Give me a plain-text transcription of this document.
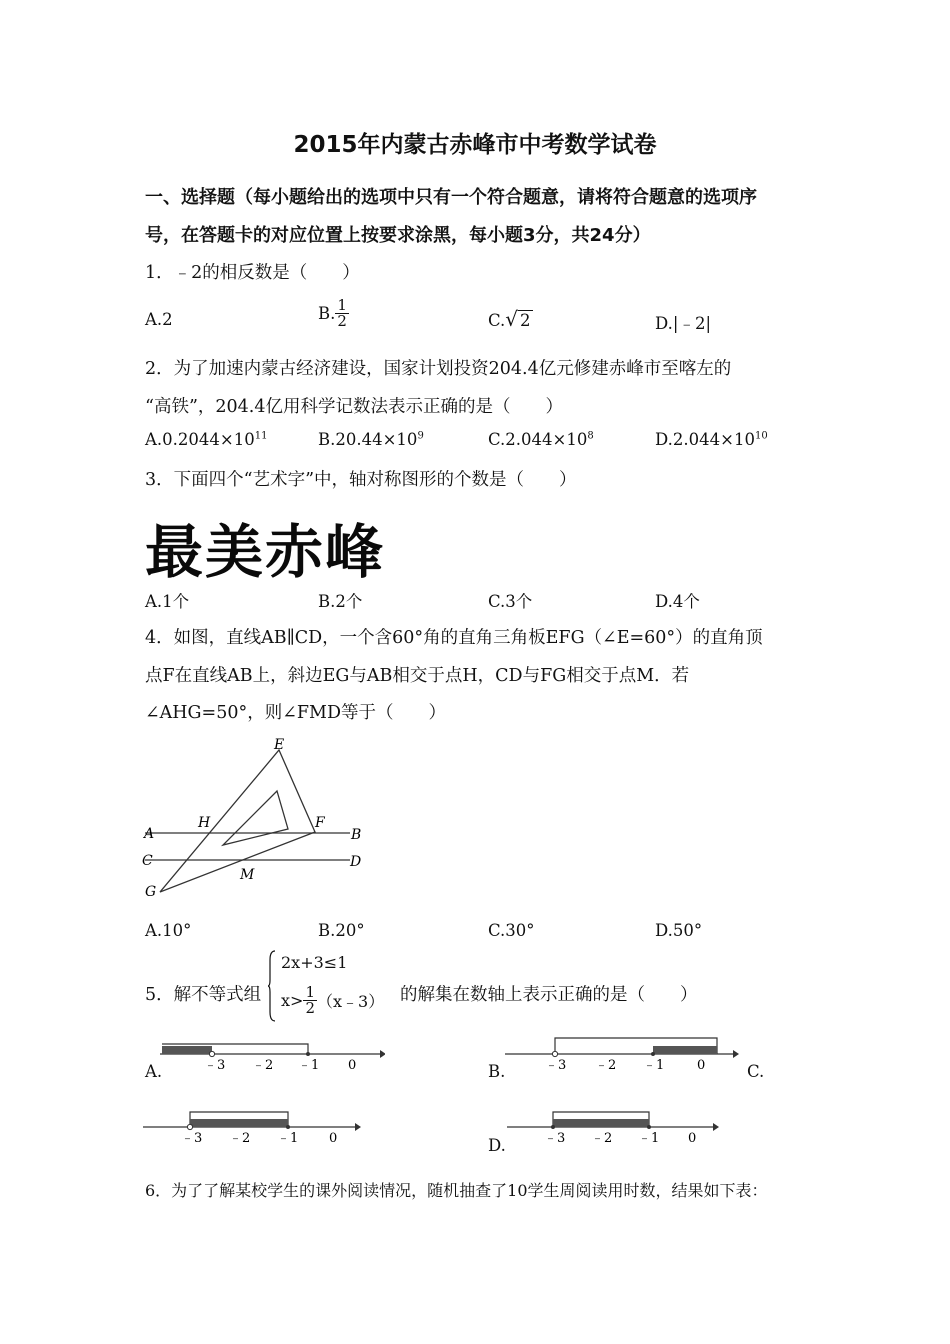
2015年内蒙古赤峰市中考数学试卷
一、选择题（每小题给出的选项中只有一个符合题意，请将符合题意的选项序
号，在答题卡的对应位置上按要求涂黑，每小题3分，共24分）
1．﹣2的相反数是（　　）
A.2	B. $\frac{1}{2}$	C.√ 2	D.|﹣2|
2．为了加速内蒙古经济建设，国家计划投资204.4亿元修建赤峰市至喀左的
“高铁”，204.4亿用科学记数法表示正确的是（　　）
$A.0.2044\times 10^{11}$	$B.20.44\times 10^9$	$C.2.044\times 10^8$	$D.2.044\times 10^{10}$
3．下面四个“艺术字”中，轴对称图形的个数是（　　）
最美赤峰
A.1个	B.2个	C.3个	D.4个
4．如图，直线AB∥CD，一个含60°角的直角三角板EFG（∠E=60°）的直角顶
点F在直线AB上，斜边EG与AB相交于点H，CD与FG相交于点M．若
∠AHG=50°，则∠FMD等于（　　）
E
H	F
A	B
C	D
G
M
A.10°	B.20°	C.30°	D.50°
5．解不等式组
2x+3≤1
$x> \frac{1}{2}$ （x﹣3） 的解集在数轴上表示正确的是（　　）
A.	﹣3 ﹣2 ﹣1 0	B.	﹣3 ﹣2 ﹣1	0	C.
﹣3 ﹣2 ﹣1 0	D.	﹣3 ﹣2 ﹣1 0
6．为了了解某校学生的课外阅读情况，随机抽查了10学生周阅读用时数，结果如下表：
